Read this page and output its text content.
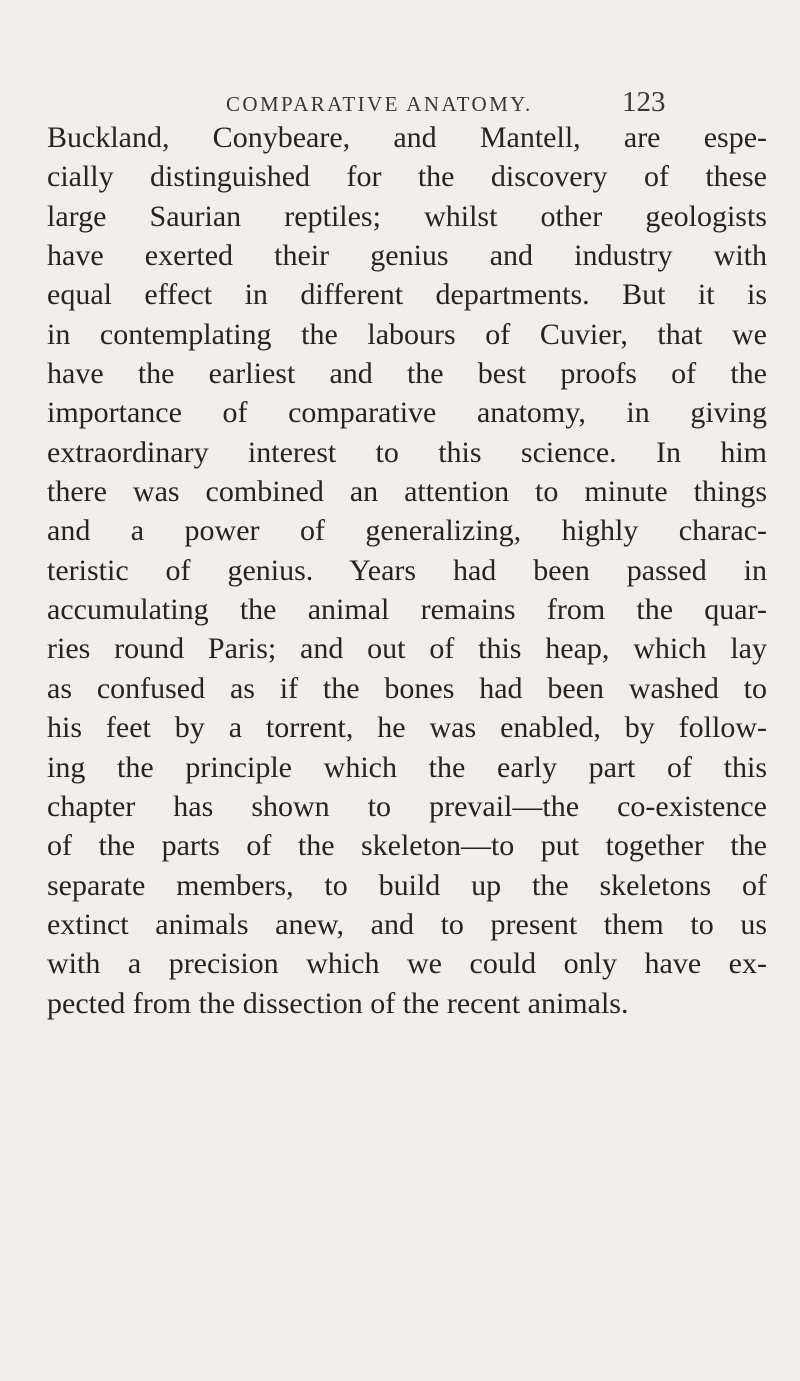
COMPARATIVE ANATOMY.	123
Buckland, Conybeare, and Mantell, are espe-
cially distinguished for the discovery of these
large Saurian reptiles; whilst other geologists
have exerted their genius and industry with
equal effect in different departments. But it is
in contemplating the labours of Cuvier, that we
have the earliest and the best proofs of the
importance of comparative anatomy, in giving
extraordinary interest to this science. In him
there was combined an attention to minute things
and a power of generalizing, highly charac-
teristic of genius. Years had been passed in
accumulating the animal remains from the quar-
ries round Paris; and out of this heap, which lay
as confused as if the bones had been washed to
his feet by a torrent, he was enabled, by follow-
ing the principle which the early part of this
chapter has shown to prevail—the co-existence
of the parts of the skeleton—to put together the
separate members, to build up the skeletons of
extinct animals anew, and to present them to us
with a precision which we could only have ex-
pected from the dissection of the recent animals.
